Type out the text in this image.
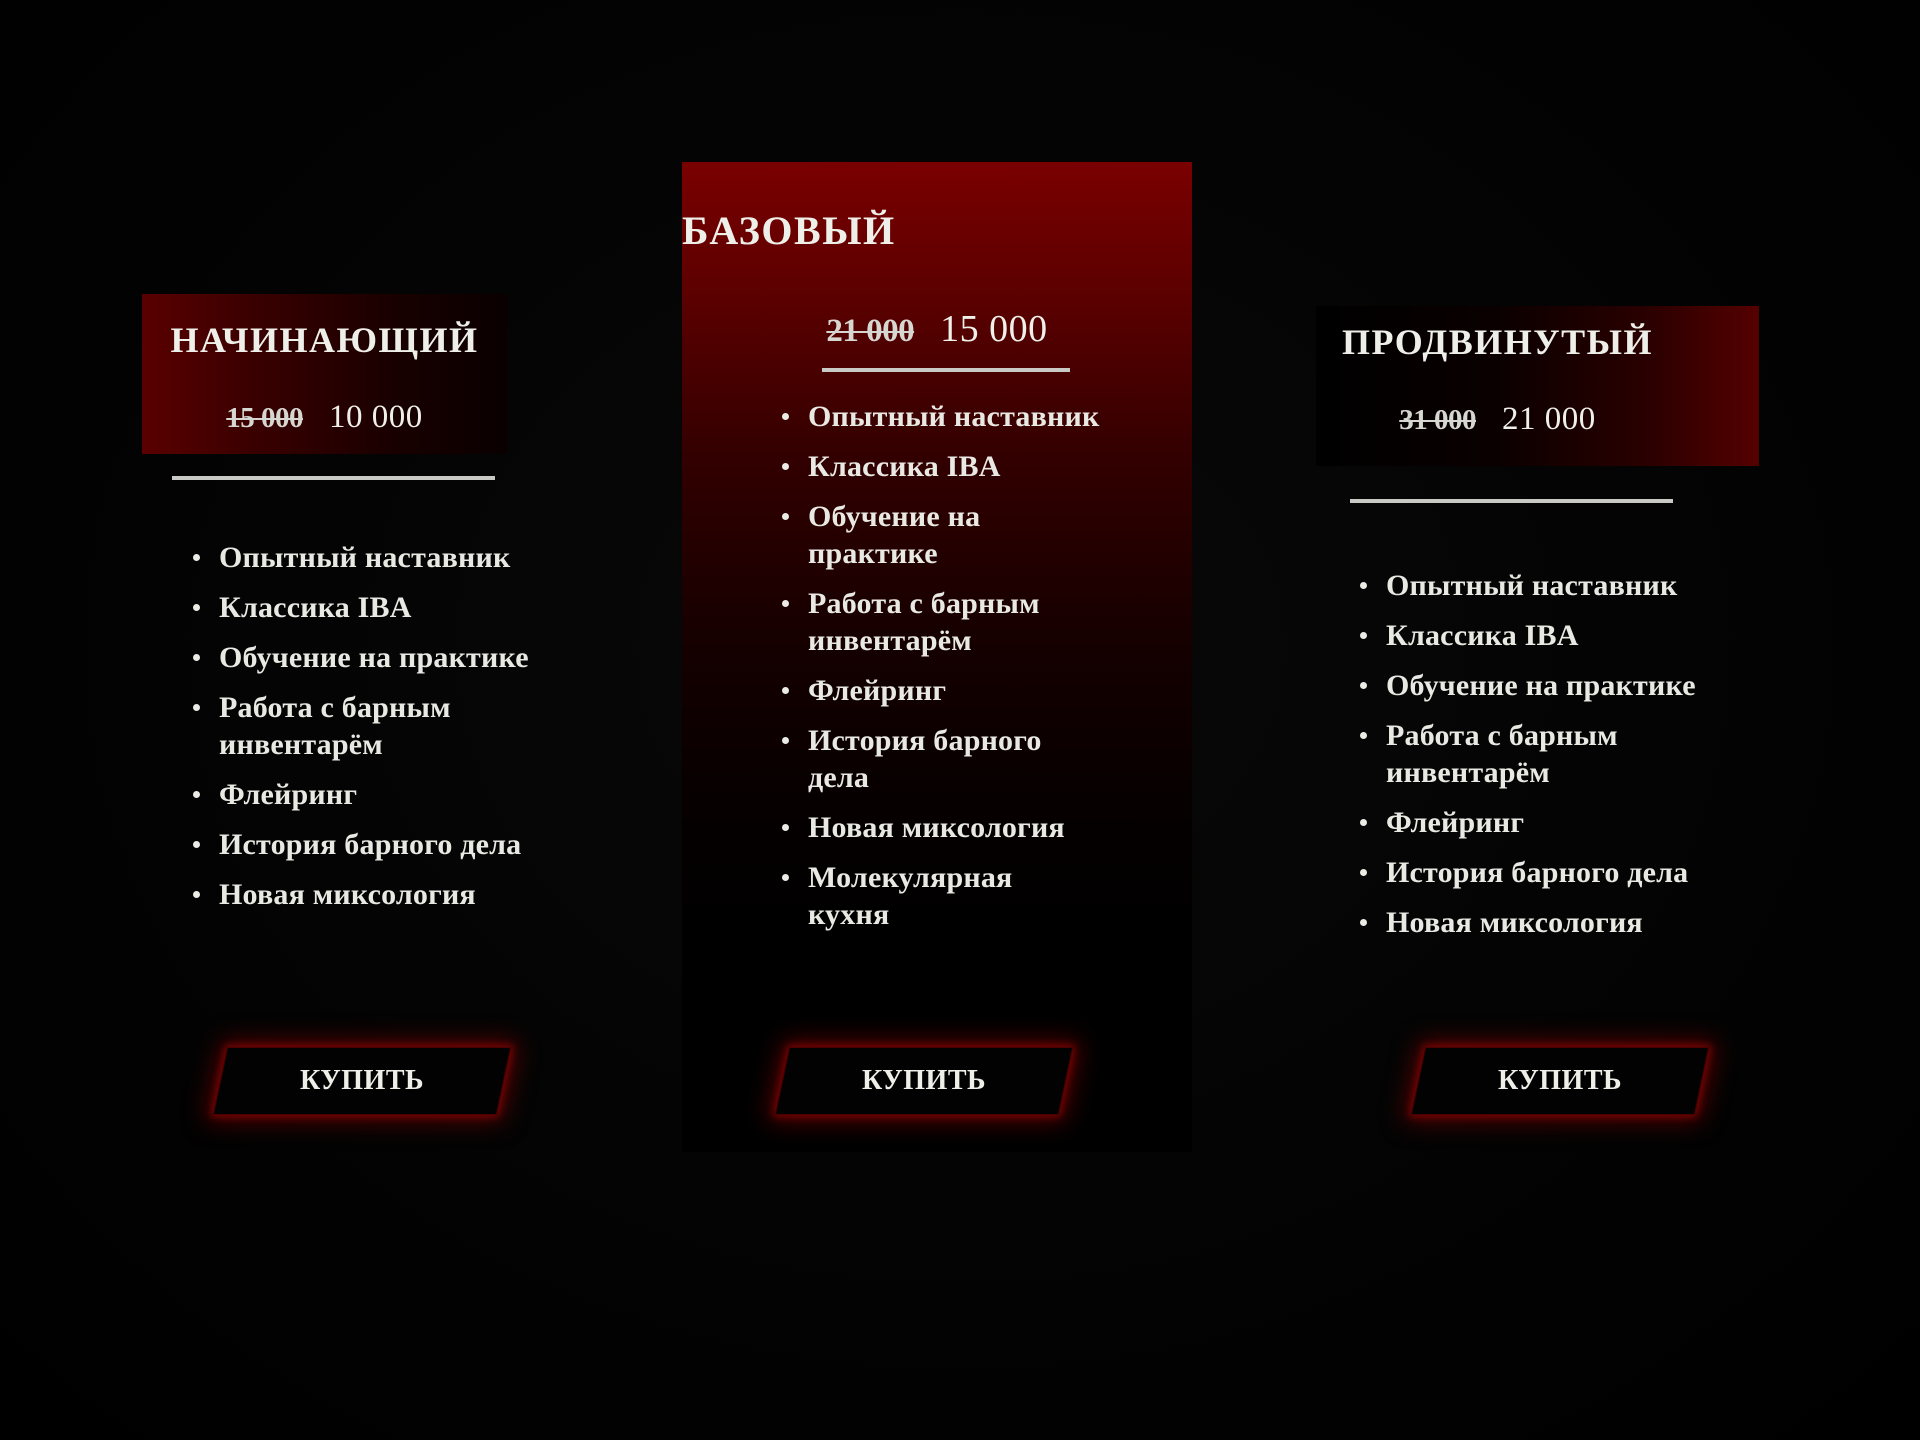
НАЧИНАЮЩИЙ
15 000 10 000
Опытный наставник
Классика IBA
Обучение на практике
Работа с барным инвентарём
Флейринг
История барного дела
Новая миксология
КУПИТЬ
БАЗОВЫЙ
21 000 15 000
Опытный наставник
Классика IBA
Обучение на практике
Работа с барным инвентарём
Флейринг
История барного дела
Новая миксология
Молекулярная кухня
КУПИТЬ
ПРОДВИНУТЫЙ
31 000 21 000
Опытный наставник
Классика IBA
Обучение на практике
Работа с барным инвентарём
Флейринг
История барного дела
Новая миксология
КУПИТЬ
